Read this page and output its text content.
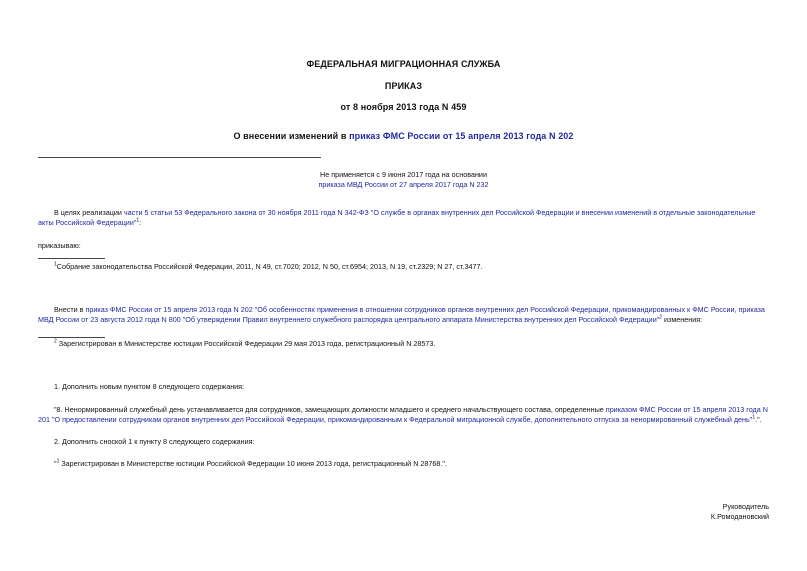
ФЕДЕРАЛЬНАЯ МИГРАЦИОННАЯ СЛУЖБА
ПРИКАЗ
от 8 ноября 2013 года N 459
О внесении изменений в приказ ФМС России от 15 апреля 2013 года N 202
Не применяется с 9 июня 2017 года на основании
приказа МВД России от 27 апреля 2017 года N 232

В целях реализации части 5 статьи 53 Федерального закона от 30 ноября 2011 года N 342-ФЗ "О службе в органах внутренних дел Российской Федерации и внесении изменений в отдельные законодательные акты Российской Федерации"$^1$:

приказываю:

$^1$Собрание законодательства Российской Федерации, 2011, N 49, ст.7020; 2012, N 50, ст.6954; 2013, N 19, ст.2329; N 27, ст.3477.

Внести в приказ ФМС России от 15 апреля 2013 года N 202 "Об особенностях применения в отношении сотрудников органов внутренних дел Российской Федерации, прикомандированных к ФМС России, приказа МВД России от 23 августа 2012 года N 800 "Об утверждении Правил внутреннего служебного распорядка центрального аппарата Министерства внутренних дел Российской Федерации"$^2$ изменения:

$^2$ Зарегистрирован в Министерстве юстиции Российской Федерации 29 мая 2013 года, регистрационный N 28573.

1. Дополнить новым пунктом 8 следующего содержания:

"8. Ненормированный служебный день устанавливается для сотрудников, замещающих должности младшего и среднего начальствующего состава, определенные приказом ФМС России от 15 апреля 2013 года N 201 "О предоставлении сотрудникам органов внутренних дел Российской Федерации, прикомандированным к Федеральной миграционной службе, дополнительного отпуска за ненормированный служебный день"$^1$.".

2. Дополнить сноской 1 к пункту 8 следующего содержания:

"$^1$ Зарегистрирован в Министерстве юстиции Российской Федерации 10 июня 2013 года, регистрационный N 28768.".

Руководитель
К.Ромодановский
